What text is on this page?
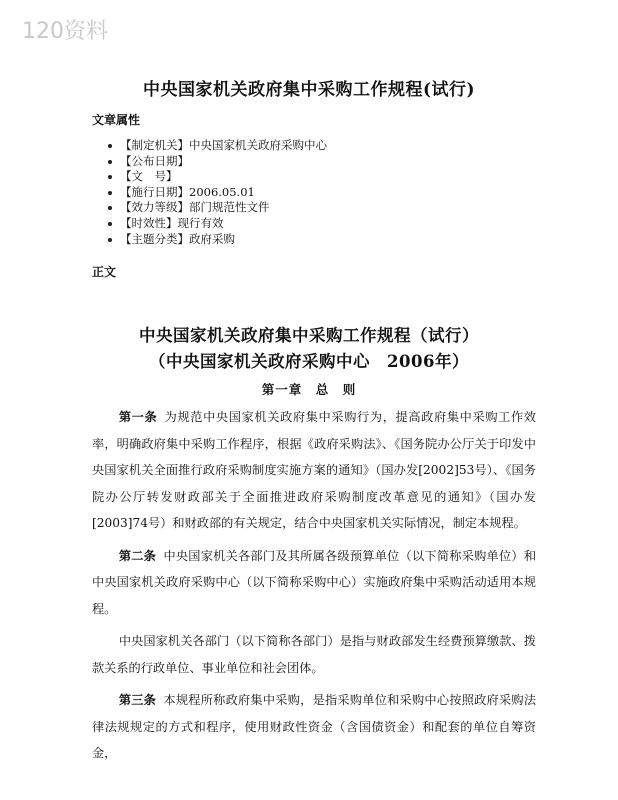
120资料
中央国家机关政府集中采购工作规程(试行)
文章属性
【制定机关】中央国家机关政府采购中心
【公布日期】
【文　号】
【施行日期】2006.05.01
【效力等级】部门规范性文件
【时效性】现行有效
【主题分类】政府采购
正文
中央国家机关政府集中采购工作规程（试行）
（中央国家机关政府采购中心　2006年）
第一章　总　则

第一条 为规范中央国家机关政府集中采购行为，提高政府集中采购工作效率，明确政府集中采购工作程序，根据《政府采购法》、《国务院办公厅关于印发中央国家机关全面推行政府采购制度实施方案的通知》（国办发[2002]53号）、《国务院办公厅转发财政部关于全面推进政府采购制度改革意见的通知》（国办发[2003]74号）和财政部的有关规定，结合中央国家机关实际情况，制定本规程。

第二条 中央国家机关各部门及其所属各级预算单位（以下简称采购单位）和中央国家机关政府采购中心（以下简称采购中心）实施政府集中采购活动适用本规程。

中央国家机关各部门（以下简称各部门）是指与财政部发生经费预算缴款、拨款关系的行政单位、事业单位和社会团体。

第三条 本规程所称政府集中采购，是指采购单位和采购中心按照政府采购法律法规规定的方式和程序，使用财政性资金（含国债资金）和配套的单位自筹资金，
